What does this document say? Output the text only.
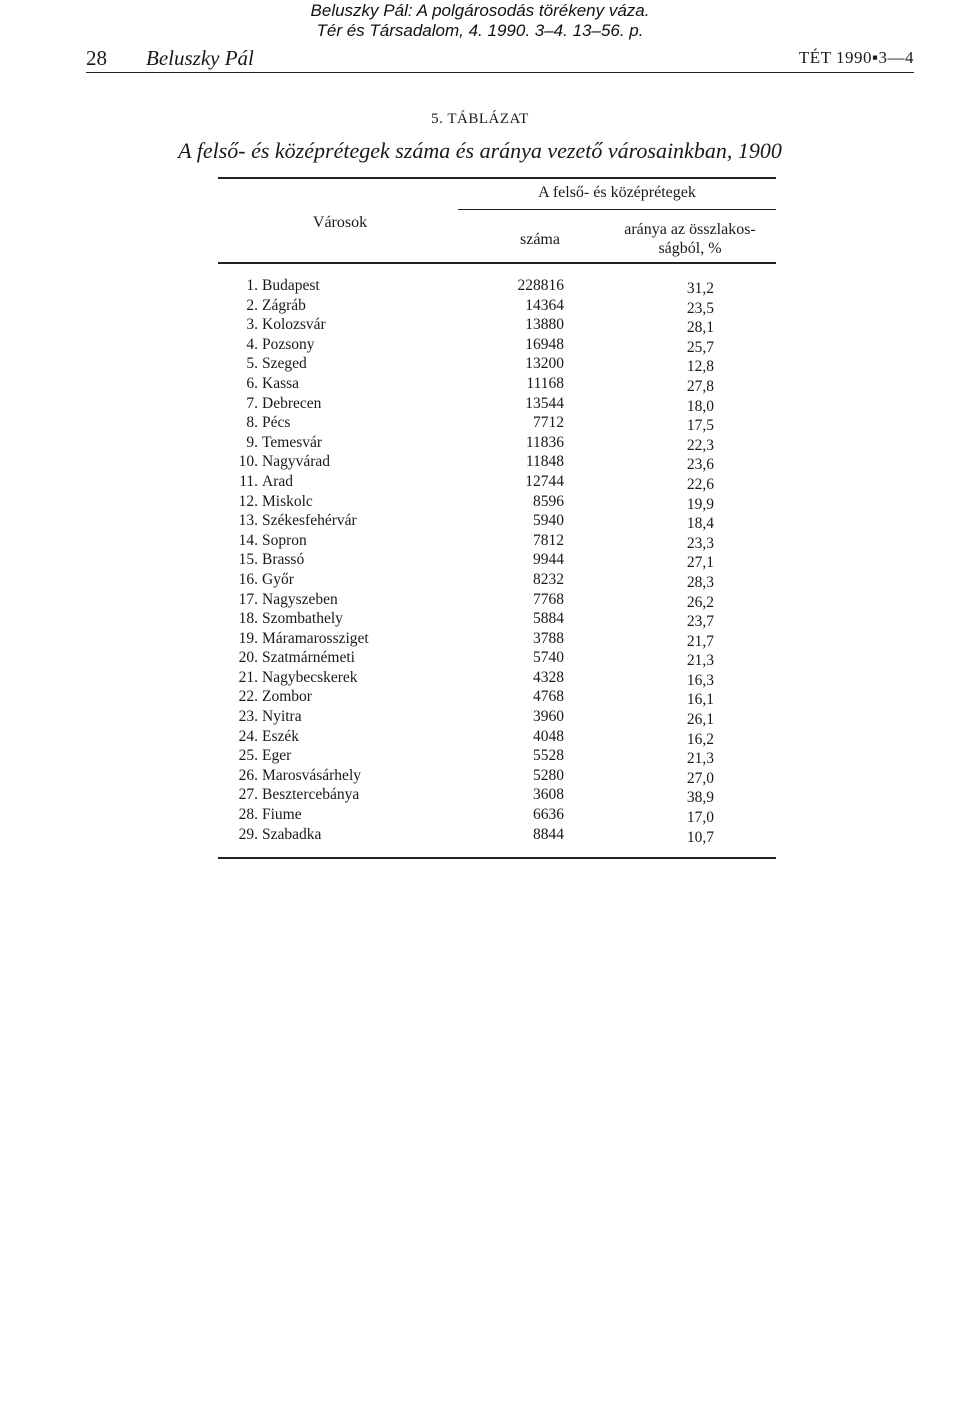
Beluszky Pál: A polgárosodás törékeny váza.
Tér és Társadalom, 4. 1990. 3–4. 13–56. p.
28 Beluszky Pál	TÉT 1990▪3—4
5. TÁBLÁZAT
A felső- és középrétegek száma és aránya vezető városainkban, 1900
Városok
A felső- és középrétegek
száma
aránya az összlakos-
ságból, %
1. Budapest	228816	31,2
2. Zágráb	14364	23,5
3. Kolozsvár	13880	28,1
4. Pozsony	16948	25,7
5. Szeged	13200	12,8
6. Kassa	11168	27,8
7. Debrecen	13544	18,0
8. Pécs	7712	17,5
9. Temesvár	11836	22,3
10. Nagyvárad	11848	23,6
11. Arad	12744	22,6
12. Miskolc	8596	19,9
13. Székesfehérvár	5940	18,4
14. Sopron	7812	23,3
15. Brassó	9944	27,1
16. Győr	8232	28,3
17. Nagyszeben	7768	26,2
18. Szombathely	5884	23,7
19. Máramarossziget	3788	21,7
20. Szatmárnémeti	5740	21,3
21. Nagybecskerek	4328	16,3
22. Zombor	4768	16,1
23. Nyitra	3960	26,1
24. Eszék	4048	16,2
25. Eger	5528	21,3
26. Marosvásárhely	5280	27,0
27. Besztercebánya	3608	38,9
28. Fiume	6636	17,0
29. Szabadka	8844	10,7
